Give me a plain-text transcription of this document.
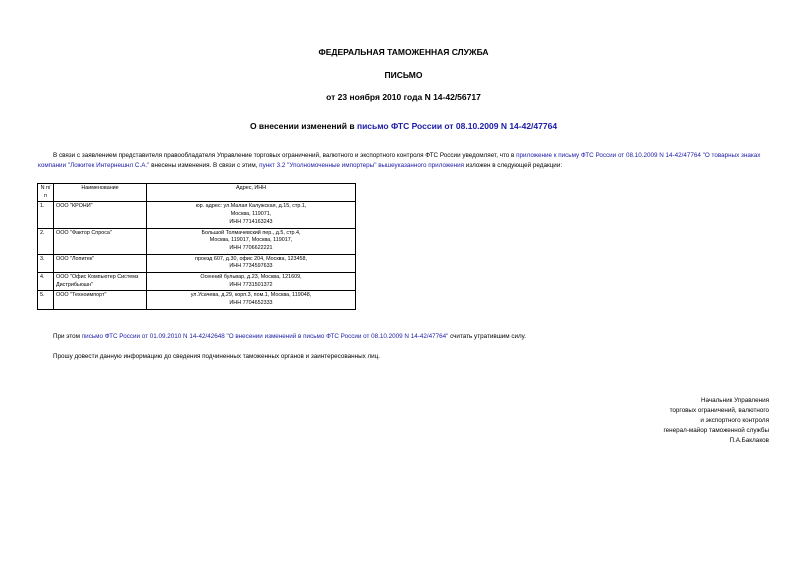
ФЕДЕРАЛЬНАЯ ТАМОЖЕННАЯ СЛУЖБА
ПИСЬМО
от 23 ноября 2010 года N 14-42/56717
О внесении изменений в письмо ФТС России от 08.10.2009 N 14-42/47764
В связи с заявлением представителя правообладателя Управление торговых ограничений, валютного и экспортного контроля ФТС России уведомляет, что в приложение к письму ФТС России от 08.10.2009 N 14-42/47764 "О товарных знаках компании "Ложитек Интернешнл С.А." внесены изменения. В связи с этим, пункт 3.2 "Уполномоченные импортеры" вышеуказанного приложения изложен в следующей редакции:
N п/п	Наименование	Адрес, ИНН
1.	ООО "КРОНИ"	юр. адрес: ул.Малая Калужская, д.15, стр.1,
Москва, 119071,
ИНН 7714163243

2.	ООО "Фактор Спроса"	Большой Толмачевский пер., д.5, стр.4,
Москва, 119017, Москва, 119017,
ИНН 7706622221

3.	ООО "Лопитек"	проезд 607, д.30, офис 204, Москва, 123458,
ИНН 7734597633

4.	ООО "Офис Компьютер Системз Дистрибьюшн"	Осенний бульвар, д.23, Москва, 121609,
ИНН 7731501372

5.	ООО "Техноимпорт"	ул.Усачева, д.29, корп.3, пом.1, Москва, 119048,
ИНН 7704652333
При этом письмо ФТС России от 01.09.2010 N 14-42/42648 "О внесении изменений в письмо ФТС России от 08.10.2009 N 14-42/47764" считать утратившим силу.
Прошу довести данную информацию до сведения подчиненных таможенных органов и заинтересованных лиц.
Начальник Управления
торговых ограничений, валютного
и экспортного контроля
генерал-майор таможенной службы
П.А.Баклаков
